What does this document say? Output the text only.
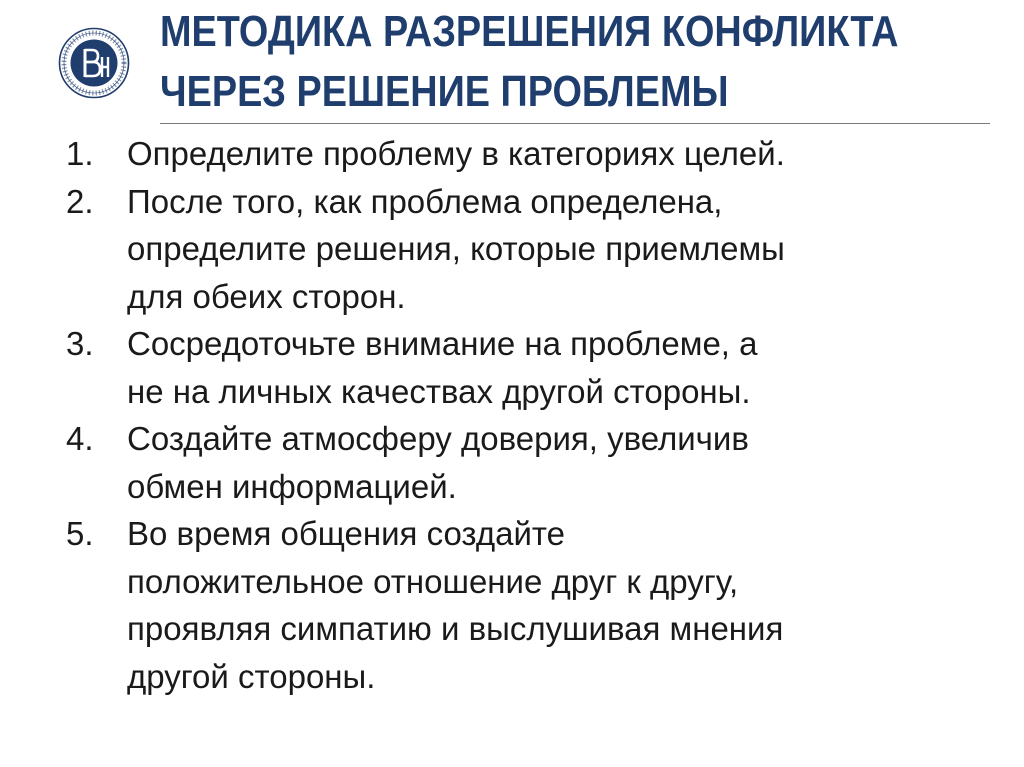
МЕТОДИКА РАЗРЕШЕНИЯ КОНФЛИКТА
ЧЕРЕЗ РЕШЕНИЕ ПРОБЛЕМЫ
1. Определите проблему в категориях целей.
2. После того, как проблема определена,
определите решения, которые приемлемы
для обеих сторон.
3. Сосредоточьте внимание на проблеме, а
не на личных качествах другой стороны.
4. Создайте атмосферу доверия, увеличив
обмен информацией.
5. Во время общения создайте
положительное отношение друг к другу,
проявляя симпатию и выслушивая мнения
другой стороны.
